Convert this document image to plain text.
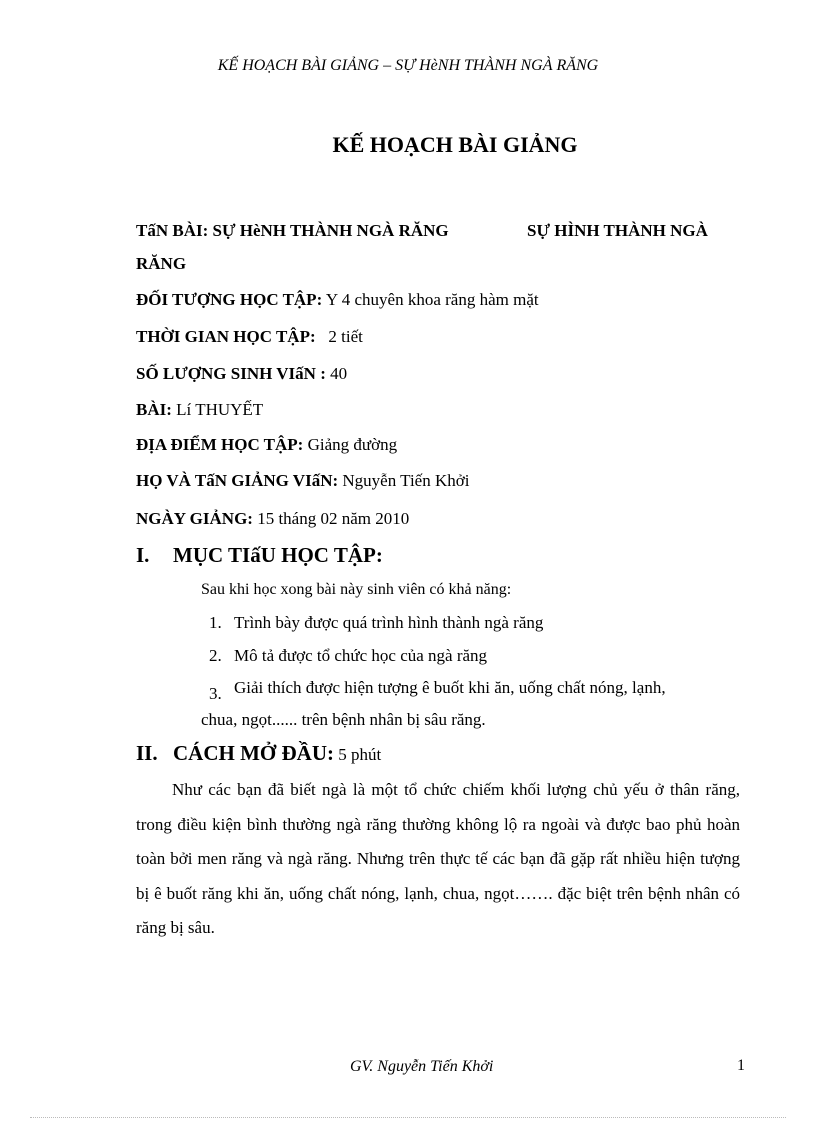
KẾ HOẠCH BÀI GIẢNG – SỰ HèNH THÀNH NGÀ RĂNG
KẾ HOẠCH BÀI GIẢNG
TấN BÀI: SỰ HèNH THÀNH NGÀ RĂNG	SỰ HÌNH THÀNH NGÀ
RĂNG
ĐỐI TƯỢNG HỌC TẬP: Y 4 chuyên khoa răng hàm mặt
THỜI GIAN HỌC TẬP:   2 tiết
SỐ LƯỢNG SINH VIấN : 40
BÀI: Lí THUYẾT
ĐỊA ĐIỂM HỌC TẬP: Giảng đường
HỌ VÀ TấN GIẢNG VIấN: Nguyễn Tiến Khởi
NGÀY GIẢNG: 15 tháng 02 năm 2010
I. MỤC TIấU HỌC TẬP:
Sau khi học xong bài này sinh viên có khả năng:
1. Trình bày được quá trình hình thành ngà răng
2. Mô tả được tổ chức học của ngà răng
3. Giải thích được hiện tượng ê buốt khi ăn, uống chất nóng, lạnh,
chua, ngọt...... trên bệnh nhân bị sâu răng.
II. CÁCH MỞ ĐẦU: 5 phút
Như các bạn đã biết ngà là một tổ chức chiếm khối lượng chủ yếu ở thân răng, trong điều kiện bình thường ngà răng thường không lộ ra ngoài và được bao phủ hoàn toàn bởi men răng và ngà răng. Nhưng trên thực tế các bạn đã gặp rất nhiều hiện tượng bị ê buốt răng khi ăn, uống chất nóng, lạnh, chua, ngọt……. đặc biệt trên bệnh nhân có răng bị sâu.
GV. Nguyễn Tiến Khởi	1
